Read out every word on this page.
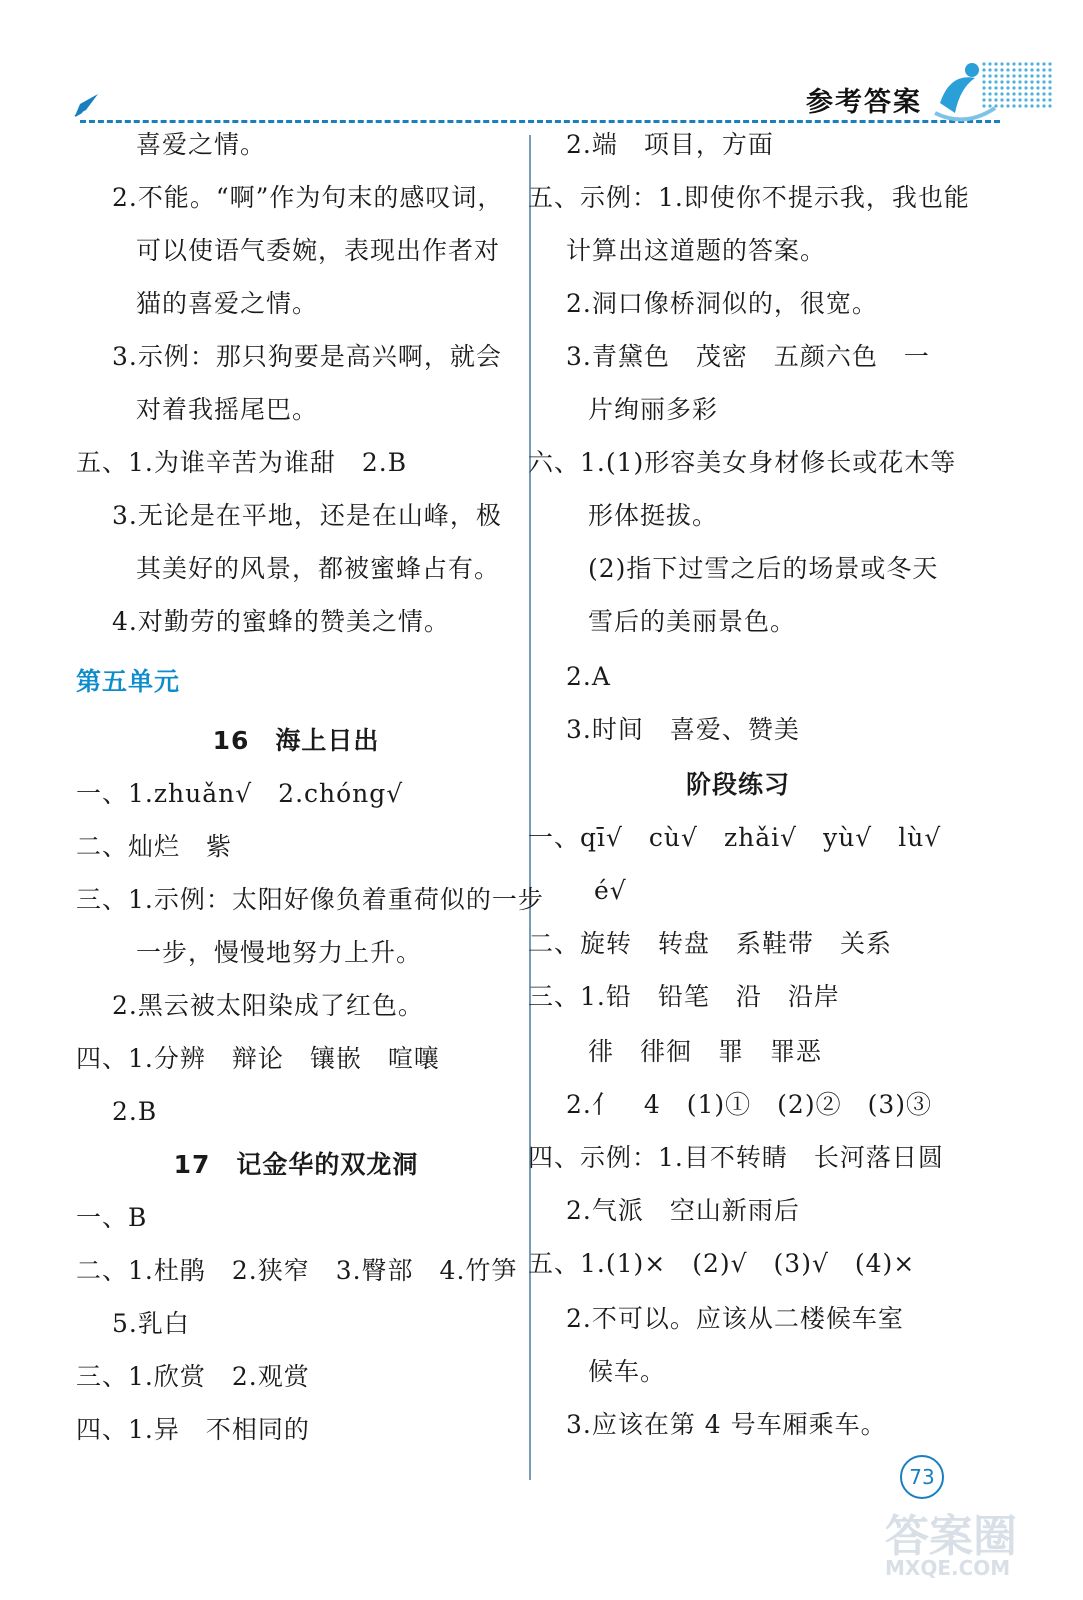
参考答案
喜爱之情。
2.不能。“啊”作为句末的感叹词，
可以使语气委婉，表现出作者对
猫的喜爱之情。
3.示例：那只狗要是高兴啊，就会
对着我摇尾巴。
五、1.为谁辛苦为谁甜　2.B
3.无论是在平地，还是在山峰，极
其美好的风景，都被蜜蜂占有。
4.对勤劳的蜜蜂的赞美之情。
第五单元
16　海上日出
一、1.zhuǎn√　2.chóng√
二、灿烂　紫
三、1.示例：太阳好像负着重荷似的一步
一步，慢慢地努力上升。
2.黑云被太阳染成了红色。
四、1.分辨　辩论　镶嵌　喧嚷
2.B
17　记金华的双龙洞
一、B
二、1.杜鹃　2.狭窄　3.臀部　4.竹笋
5.乳白
三、1.欣赏　2.观赏
四、1.异　不相同的
2.端　项目，方面
五、示例：1.即使你不提示我，我也能
计算出这道题的答案。
2.洞口像桥洞似的，很宽。
3.青黛色　茂密　五颜六色　一
片绚丽多彩
六、1.(1)形容美女身材修长或花木等
形体挺拔。
(2)指下过雪之后的场景或冬天
雪后的美丽景色。
2.A
3.时间　喜爱、赞美
阶段练习
一、qī√　cù√　zhǎi√　yù√　lù√
é√
二、旋转　转盘　系鞋带　关系
三、1.铅　铅笔　沿　沿岸
徘　徘徊　罪　罪恶
2.亻　4　(1)①　(2)②　(3)③
四、示例：1.目不转睛　长河落日圆
2.气派　空山新雨后
五、1.(1)×　(2)√　(3)√　(4)×
2.不可以。应该从二楼候车室
候车。
3.应该在第 4 号车厢乘车。
73
答案圈
MXQE.COM
